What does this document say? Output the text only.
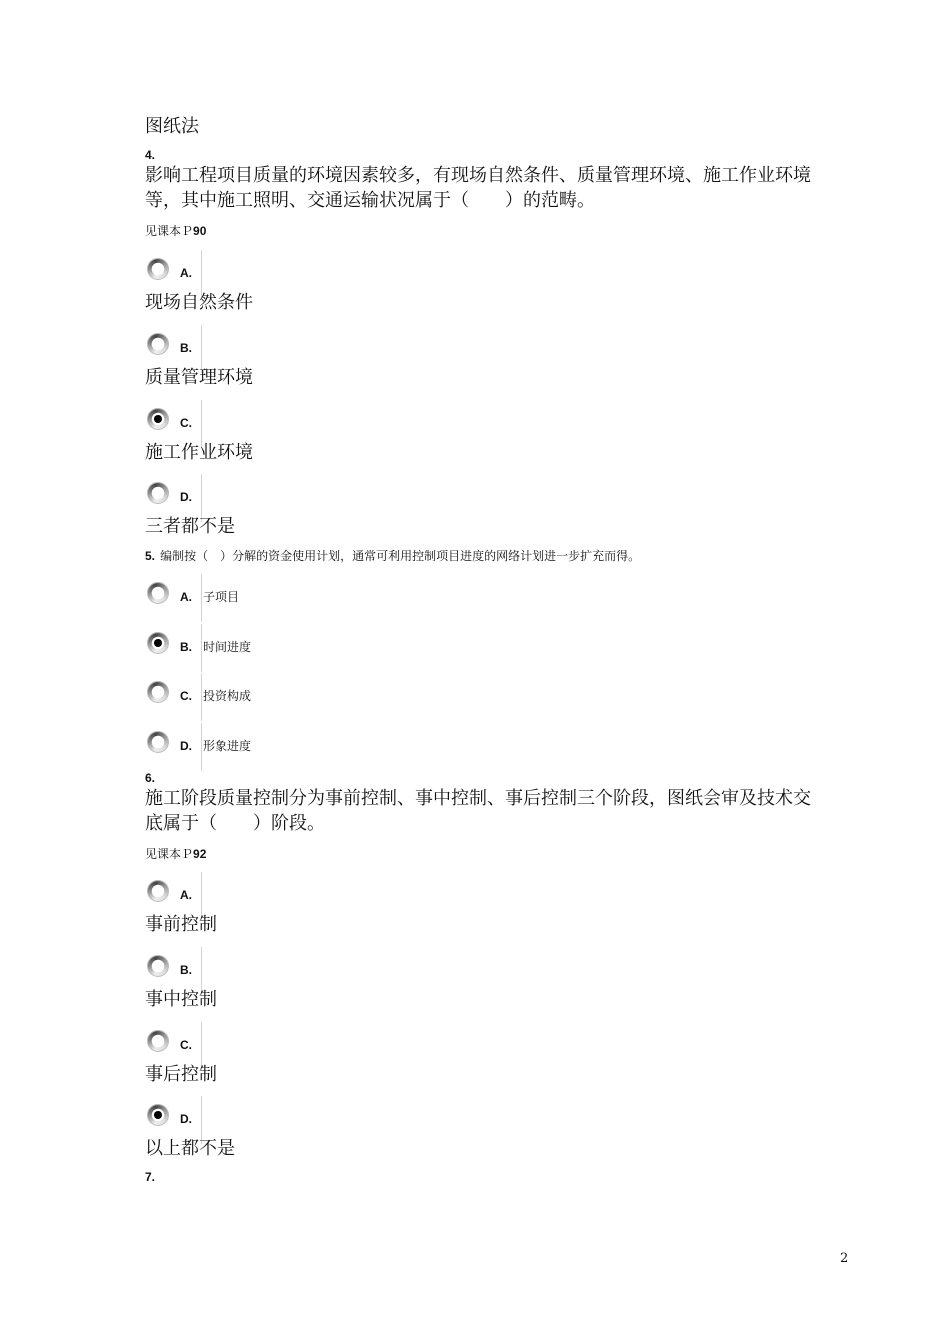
图纸法
4.
影响工程项目质量的环境因素较多，有现场自然条件、质量管理环境、施工作业环境
等，其中施工照明、交通运输状况属于（　　）的范畴。
见课本Ｐ90
A.
现场自然条件
B.
质量管理环境
C.
施工作业环境
D.
三者都不是
5. 编制按（　）分解的资金使用计划，通常可利用控制项目进度的网络计划进一步扩充而得。
A. 子项目
B. 时间进度
C. 投资构成
D. 形象进度
6.
施工阶段质量控制分为事前控制、事中控制、事后控制三个阶段，图纸会审及技术交
底属于（　　）阶段。
见课本Ｐ92
A.
事前控制
B.
事中控制
C.
事后控制
D.
以上都不是
7.
2
